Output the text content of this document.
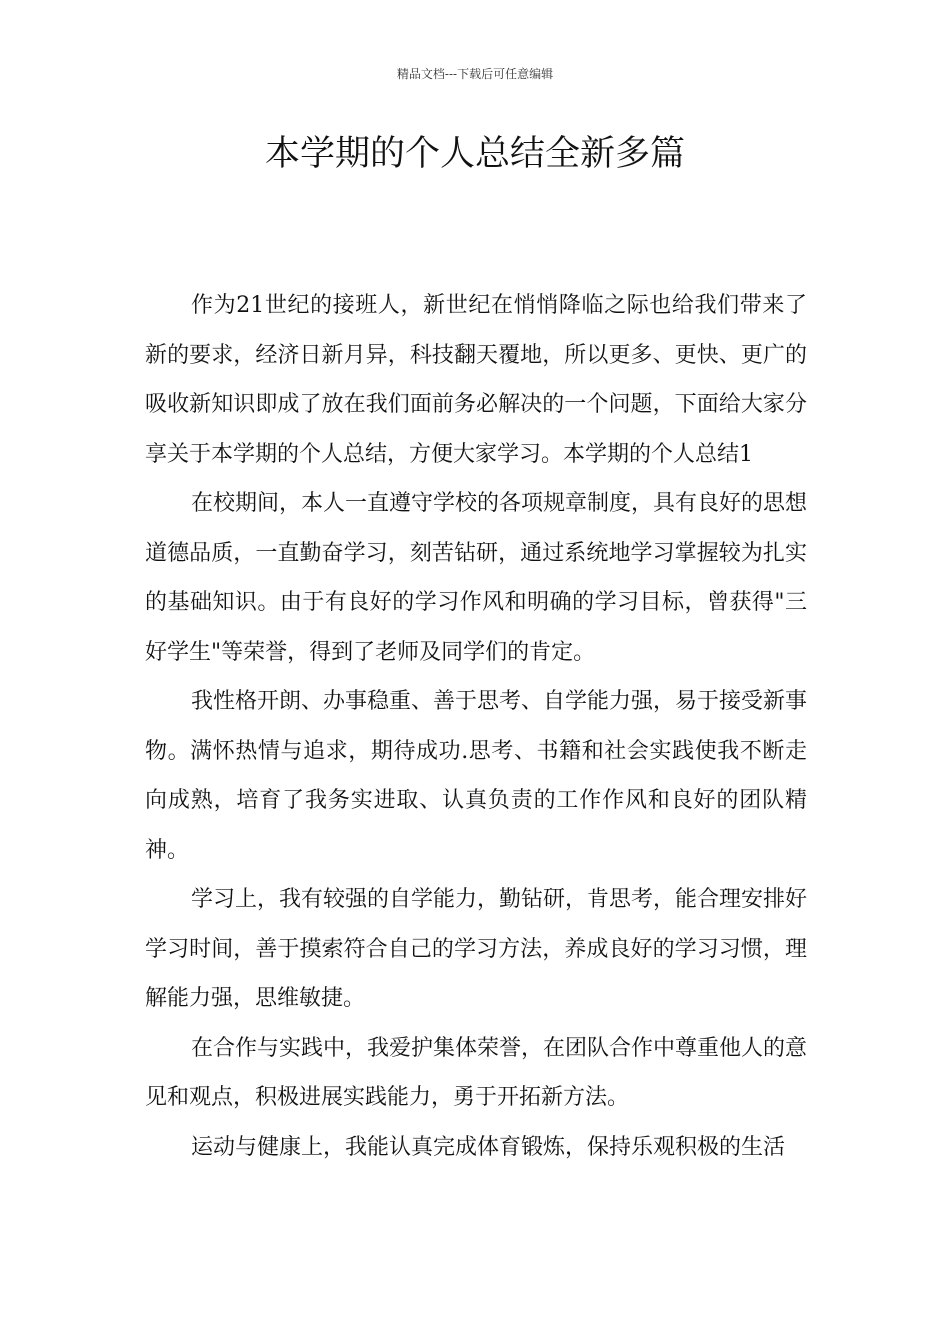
精品文档---下载后可任意编辑
本学期的个人总结全新多篇

作为21世纪的接班人，新世纪在悄悄降临之际也给我们带来了新的要求，经济日新月异，科技翻天覆地，所以更多、更快、更广的吸收新知识即成了放在我们面前务必解决的一个问题，下面给大家分享关于本学期的个人总结，方便大家学习。本学期的个人总结1

在校期间，本人一直遵守学校的各项规章制度，具有良好的思想道德品质，一直勤奋学习，刻苦钻研，通过系统地学习掌握较为扎实的基础知识。由于有良好的学习作风和明确的学习目标，曾获得"三好学生"等荣誉，得到了老师及同学们的肯定。

我性格开朗、办事稳重、善于思考、自学能力强，易于接受新事物。满怀热情与追求，期待成功.思考、书籍和社会实践使我不断走向成熟，培育了我务实进取、认真负责的工作作风和良好的团队精神。

学习上，我有较强的自学能力，勤钻研，肯思考，能合理安排好学习时间，善于摸索符合自己的学习方法，养成良好的学习习惯，理解能力强，思维敏捷。

在合作与实践中，我爱护集体荣誉，在团队合作中尊重他人的意见和观点，积极进展实践能力，勇于开拓新方法。

运动与健康上，我能认真完成体育锻炼，保持乐观积极的生活
